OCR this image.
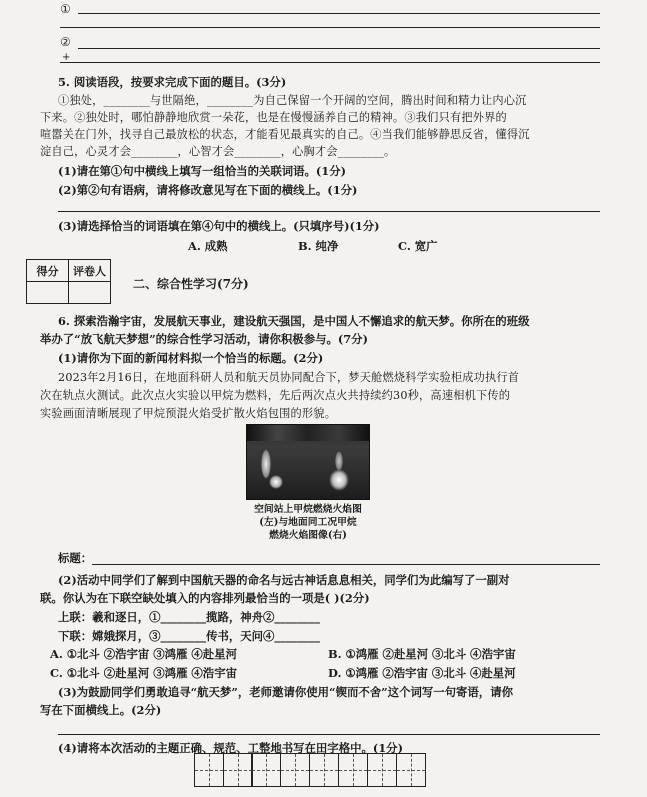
①
②
+
5. 阅读语段，按要求完成下面的题目。(3分)
①独处，________与世隔绝，________为自己保留一个开阔的空间，腾出时间和精力让内心沉
下来。②独处时，哪怕静静地欣赏一朵花，也是在慢慢涵养自己的精神。③我们只有把外界的
喧嚣关在门外，找寻自己最放松的状态，才能看见最真实的自己。④当我们能够静思反省，懂得沉
淀自己，心灵才会________，心智才会________，心胸才会________。
(1)请在第①句中横线上填写一组恰当的关联词语。(1分)
(2)第②句有语病，请将修改意见写在下面的横线上。(1分)
(3)请选择恰当的词语填在第④句中的横线上。(只填序号)(1分)
A. 成熟	B. 纯净	C. 宽广
得分	评卷人

二、综合性学习(7分)
6. 探索浩瀚宇宙，发展航天事业，建设航天强国，是中国人不懈追求的航天梦。你所在的班级
举办了“放飞航天梦想”的综合性学习活动，请你积极参与。(7分)
(1)请你为下面的新闻材料拟一个恰当的标题。(2分)
2023年2月16日，在地面科研人员和航天员协同配合下，梦天舱燃烧科学实验柜成功执行首
次在轨点火测试。此次点火实验以甲烷为燃料，先后两次点火共持续约30秒，高速相机下传的
实验画面清晰展现了甲烷预混火焰受扩散火焰包围的形貌。
空间站上甲烷燃烧火焰图
(左)与地面同工况甲烷
燃烧火焰图像(右)
标题：
(2)活动中同学们了解到中国航天器的命名与远古神话息息相关，同学们为此编写了一副对
联。你认为在下联空缺处填入的内容排列最恰当的一项是( )(2分)
上联：羲和逐日，①________揽路，神舟②________
下联：嫦娥探月，③________传书，天问④________
A. ①北斗 ②浩宇宙 ③鸿雁 ④赴星河	B. ①鸿雁 ②赴星河 ③北斗 ④浩宇宙
C. ①北斗 ②赴星河 ③鸿雁 ④浩宇宙	D. ①鸿雁 ②浩宇宙 ③北斗 ④赴星河
(3)为鼓励同学们勇敢追寻“航天梦”，老师邀请你使用“锲而不舍”这个词写一句寄语，请你
写在下面横线上。(2分)
(4)请将本次活动的主题正确、规范、工整地书写在田字格中。(1分)
